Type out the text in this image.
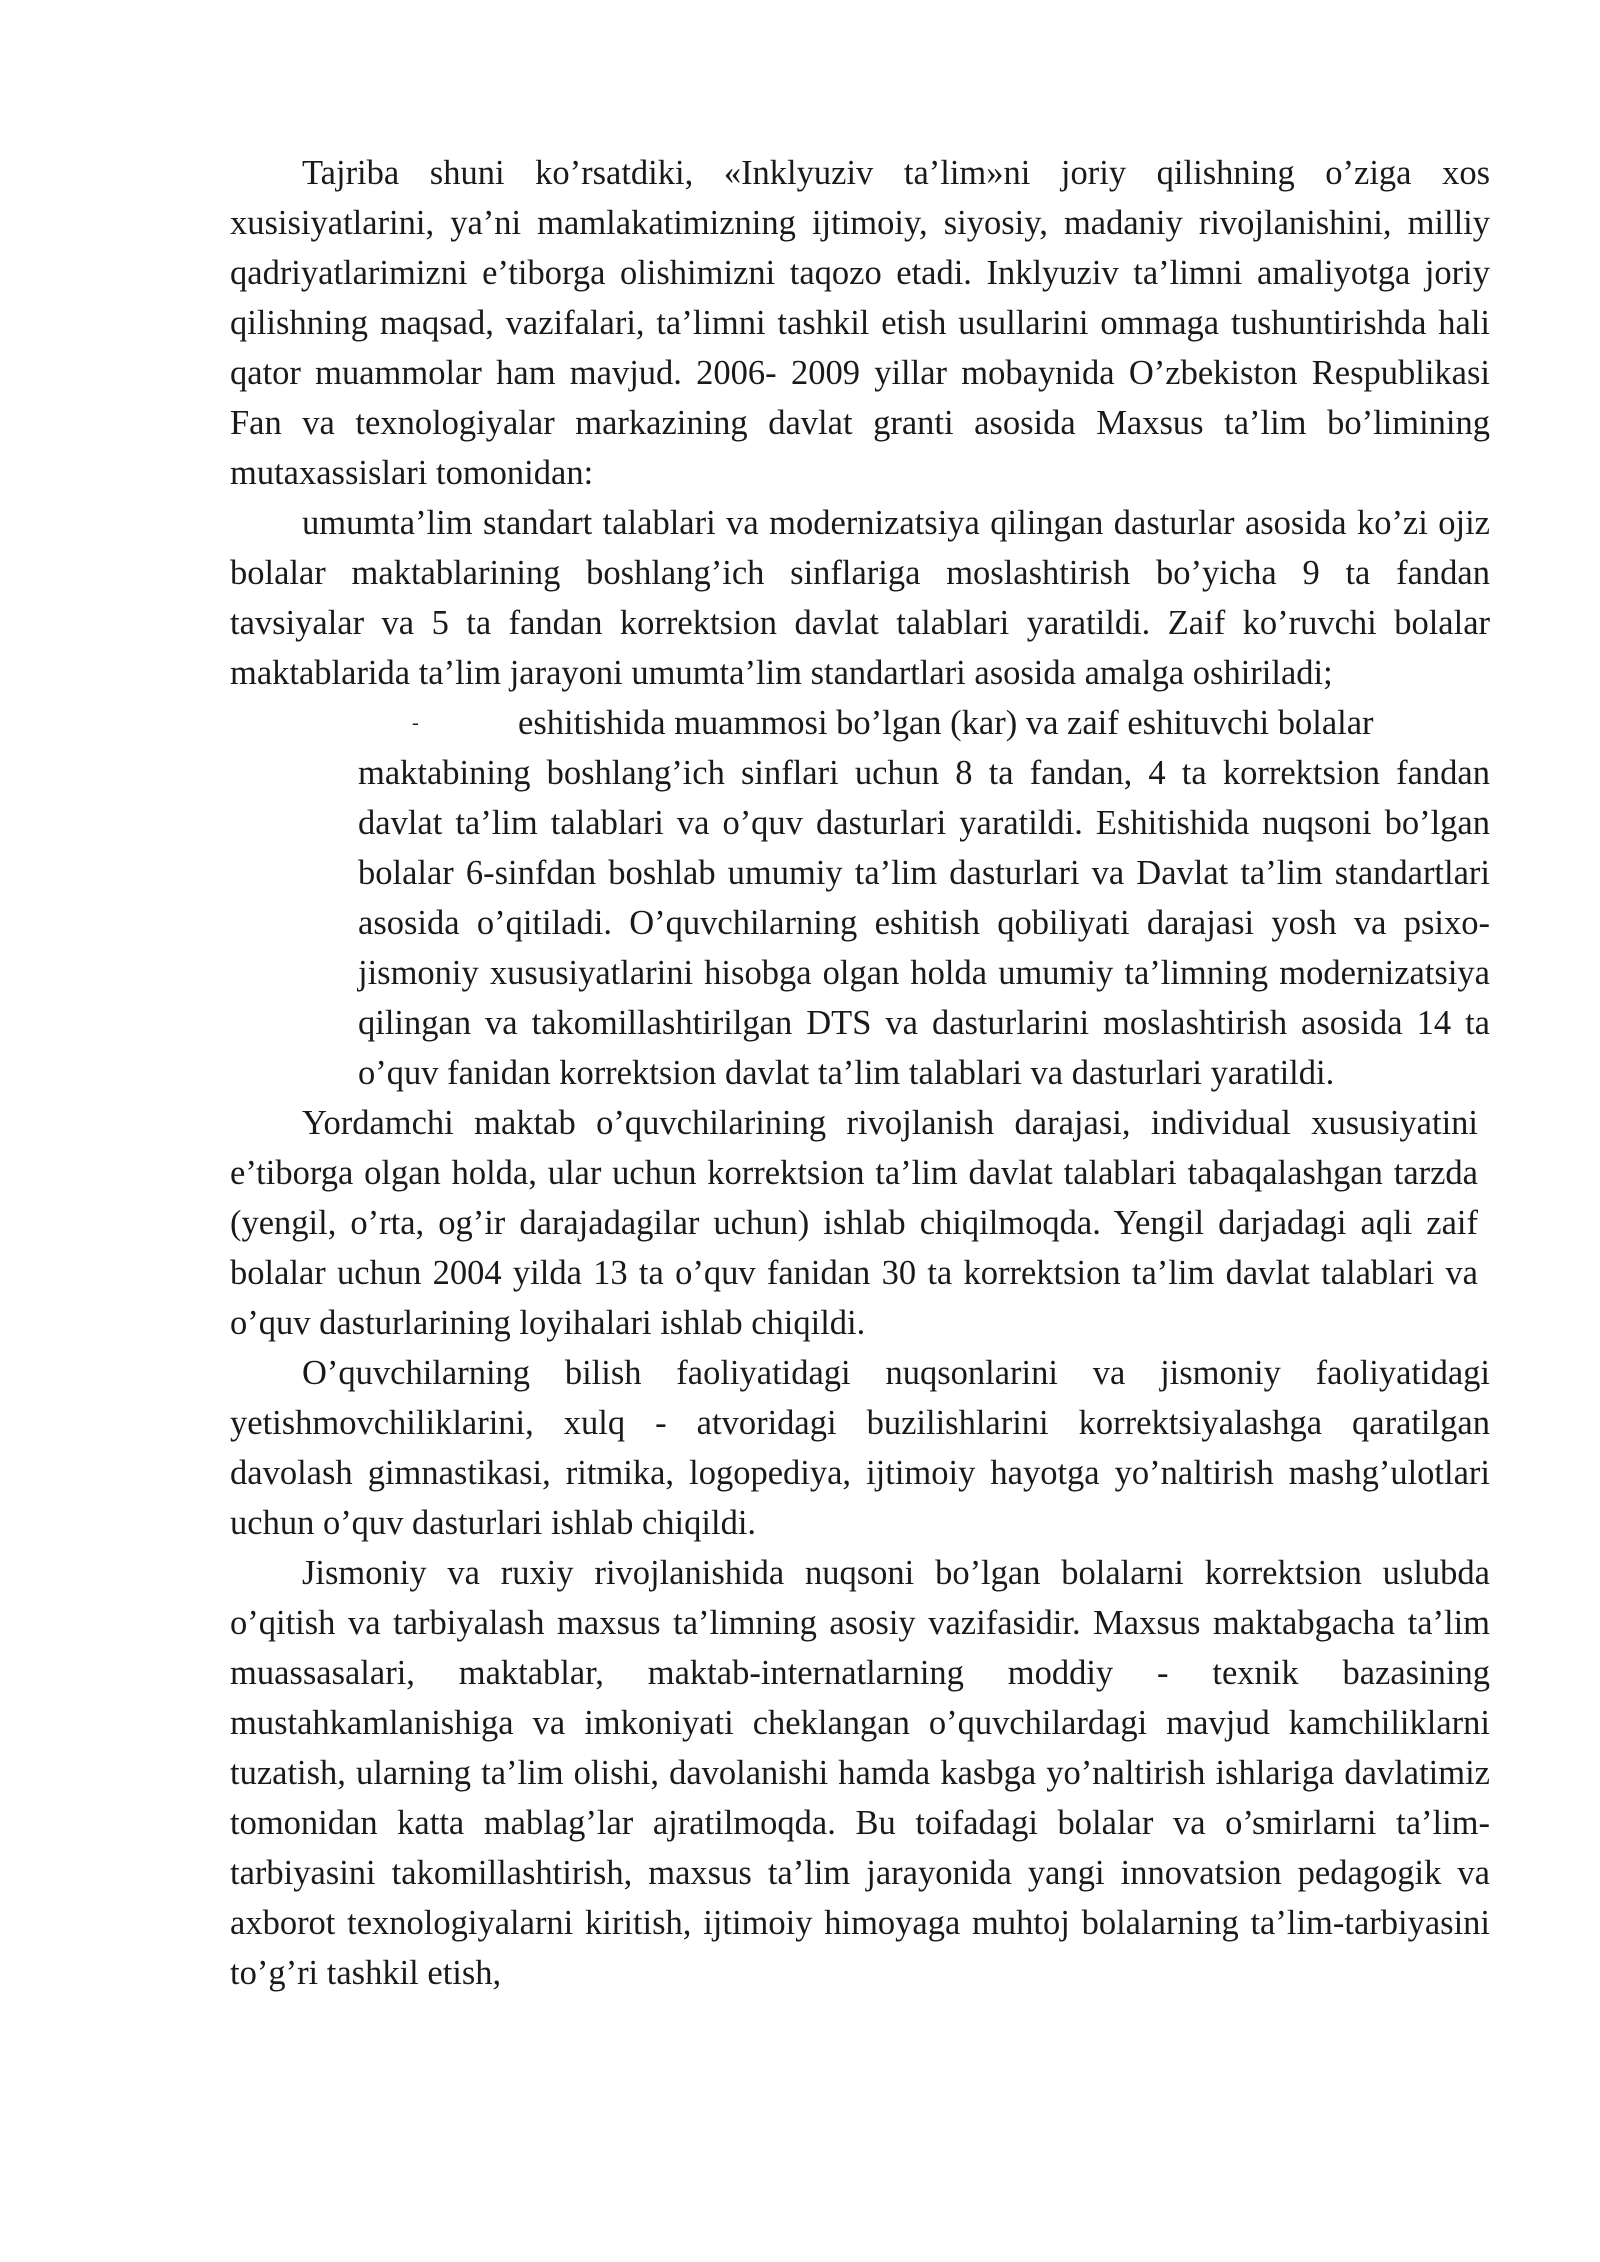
Tajriba shuni ko’rsatdiki, «Inklyuziv ta’lim»ni joriy qilishning o’ziga xos xusisiyatlarini, ya’ni mamlakatimizning ijtimoiy, siyosiy, madaniy rivojlanishini, milliy qadriyatlarimizni e’tiborga olishimizni taqozo etadi. Inklyuziv ta’limni amaliyotga joriy qilishning maqsad, vazifalari, ta’limni tashkil etish usullarini ommaga tushuntirishda hali qator muammolar ham mavjud. 2006- 2009 yillar mobaynida O’zbekiston Respublikasi Fan va texnologiyalar markazining davlat granti asosida Maxsus ta’lim bo’limining mutaxassislari tomonidan:

umumta’lim standart talablari va modernizatsiya qilingan dasturlar asosida ko’zi ojiz bolalar maktablarining boshlang’ich sinflariga moslashtirish bo’yicha 9 ta fandan tavsiyalar va 5 ta fandan korrektsion davlat talablari yaratildi. Zaif ko’ruvchi bolalar maktablarida ta’lim jarayoni umumta’lim standartlari asosida amalga oshiriladi;

-	eshitishida muammosi bo’lgan (kar) va zaif eshituvchi bolalar
maktabining boshlang’ich sinflari uchun 8 ta fandan, 4 ta korrektsion fandan davlat ta’lim talablari va o’quv dasturlari yaratildi. Eshitishida nuqsoni bo’lgan bolalar 6-sinfdan boshlab umumiy ta’lim dasturlari va Davlat ta’lim standartlari asosida o’qitiladi. O’quvchilarning eshitish qobiliyati darajasi yosh va psixo-jismoniy xususiyatlarini hisobga olgan holda umumiy ta’limning modernizatsiya qilingan va takomillashtirilgan DTS va dasturlarini moslashtirish asosida 14 ta o’quv fanidan korrektsion davlat ta’lim talablari va dasturlari yaratildi.

Yordamchi maktab o’quvchilarining rivojlanish darajasi, individual xususiyatini e’tiborga olgan holda, ular uchun korrektsion ta’lim davlat talablari tabaqalashgan tarzda (yengil, o’rta, og’ir darajadagilar uchun) ishlab chiqilmoqda. Yengil darjadagi aqli zaif bolalar uchun 2004 yilda 13 ta o’quv fanidan 30 ta korrektsion ta’lim davlat talablari va o’quv dasturlarining loyihalari ishlab chiqildi.

O’quvchilarning bilish faoliyatidagi nuqsonlarini va jismoniy faoliyatidagi yetishmovchiliklarini, xulq - atvoridagi buzilishlarini korrektsiyalashga qaratilgan davolash gimnastikasi, ritmika, logopediya, ijtimoiy hayotga yo’naltirish mashg’ulotlari uchun o’quv dasturlari ishlab chiqildi.

Jismoniy va ruxiy rivojlanishida nuqsoni bo’lgan bolalarni korrektsion uslubda o’qitish va tarbiyalash maxsus ta’limning asosiy vazifasidir. Maxsus maktabgacha ta’lim muassasalari, maktablar, maktab-internatlarning moddiy - texnik bazasining mustahkamlanishiga va imkoniyati cheklangan o’quvchilardagi mavjud kamchiliklarni tuzatish, ularning ta’lim olishi, davolanishi hamda kasbga yo’naltirish ishlariga davlatimiz tomonidan katta mablag’lar ajratilmoqda. Bu toifadagi bolalar va o’smirlarni ta’lim-tarbiyasini takomillashtirish, maxsus ta’lim jarayonida yangi innovatsion pedagogik va axborot texnologiyalarni kiritish, ijtimoiy himoyaga muhtoj bolalarning ta’lim-tarbiyasini to’g’ri tashkil etish,
